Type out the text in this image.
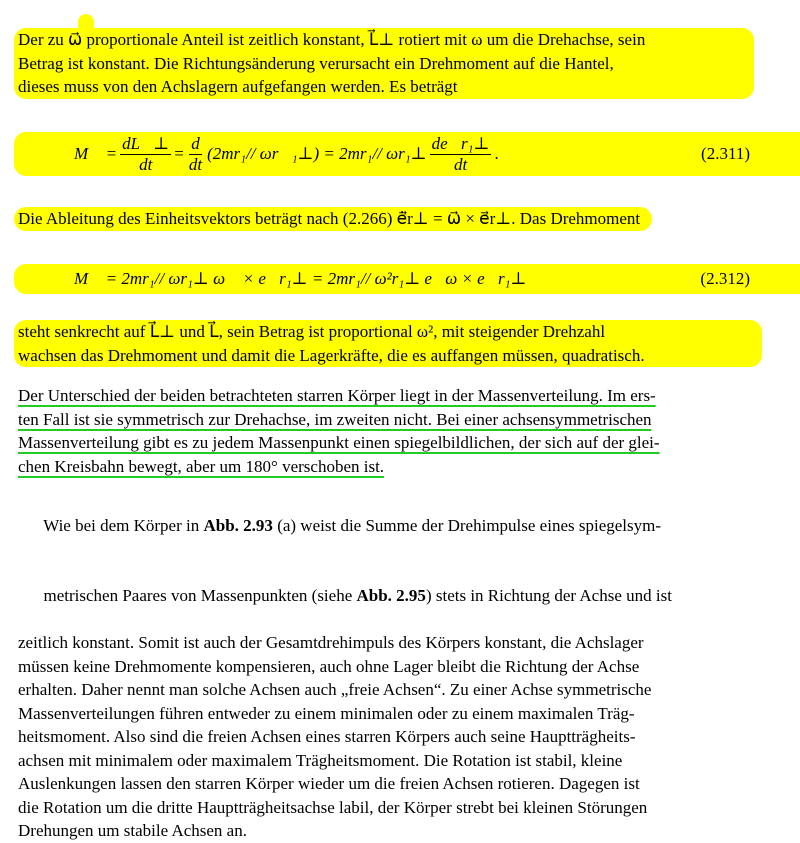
Der zu ω⃗ proportionale Anteil ist zeitlich konstant, L⃗⊥ rotiert mit ω um die Drehachse, sein
Betrag ist konstant. Die Richtungsänderung verursacht ein Drehmoment auf die Hantel,
dieses muss von den Achslagern aufgefangen werden. Es beträgt
M⃗ = $\frac{dL⃗\perp}{dt} = \frac{d}{dt} (2mr_1//$ ωr⃗₁⊥) = 2mr₁// ωr₁⊥ $\frac{\text{de⃗r₁⊥}}{dt}$ .	(2.311)
Die Ableitung des Einheitsvektors beträgt nach (2.266) ė⃗r⊥ = ω⃗ × e⃗r⊥. Das Drehmoment
M⃗ = 2mr₁// ωr₁⊥ ω⃗ × e⃗r₁⊥ = 2mr₁// ω²r₁⊥ e⃗ω × e⃗r₁⊥	(2.312)
steht senkrecht auf L⃗⊥ und L⃗, sein Betrag ist proportional ω², mit steigender Drehzahl
wachsen das Drehmoment und damit die Lagerkräfte, die es auffangen müssen, quadratisch.
Der Unterschied der beiden betrachteten starren Körper liegt in der Massenverteilung. Im ers-
ten Fall ist sie symmetrisch zur Drehachse, im zweiten nicht. Bei einer achsensymmetrischen
Massenverteilung gibt es zu jedem Massenpunkt einen spiegelbildlichen, der sich auf der glei-
chen Kreisbahn bewegt, aber um 180° verschoben ist.

Wie bei dem Körper in Abb. 2.93 (a) weist die Summe der Drehimpulse eines spiegelsym-

metrischen Paares von Massenpunkten (siehe Abb. 2.95) stets in Richtung der Achse und ist

zeitlich konstant. Somit ist auch der Gesamtdrehimpuls des Körpers konstant, die Achslager
müssen keine Drehmomente kompensieren, auch ohne Lager bleibt die Richtung der Achse
erhalten. Daher nennt man solche Achsen auch „freie Achsen“. Zu einer Achse symmetrische
Massenverteilungen führen entweder zu einem minimalen oder zu einem maximalen Träg-
heitsmoment. Also sind die freien Achsen eines starren Körpers auch seine Hauptträgheits-
achsen mit minimalem oder maximalem Trägheitsmoment. Die Rotation ist stabil, kleine
Auslenkungen lassen den starren Körper wieder um die freien Achsen rotieren. Dagegen ist
die Rotation um die dritte Hauptträgheitsachse labil, der Körper strebt bei kleinen Störungen
Drehungen um stabile Achsen an.
